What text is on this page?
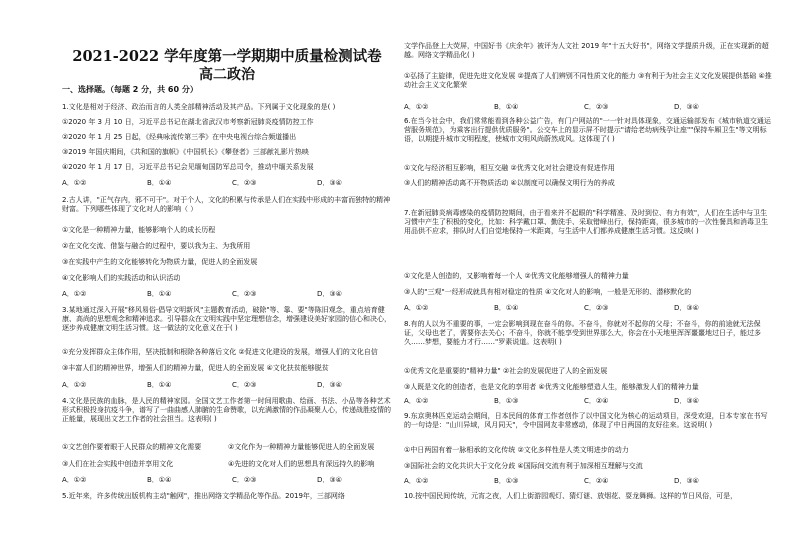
2021-2022 学年度第一学期期中质量检测试卷
高二政治
一、选择题。（每题 2 分，共 60 分）
1.文化是相对于经济、政治而言的人类全部精神活动及其产品。下列属于文化现象的是( )
①2020 年 3 月 10 日，习近平总书记在湖北省武汉市考察新冠肺炎疫情防控工作
②2020 年 1 月 25 日起，《经典咏流传第三季》在中央电视台综合频道播出
③2019 年国庆期间，《共和国的旗帜》《中国机长》《攀登者》三部献礼影片热映
④2020 年 1 月 17 日，习近平总书记会见缅甸国防军总司令，推动中缅关系发展
A．①②	B．①④	C．②③	D．③④
2.古人讲，"正气存内，邪不可干"。对于个人，文化的积累与传承是人们在实践中形成的丰富而独特的精神财富。下列哪些体现了文化对人的影响（ ）
①文化是一种精神力量，能够影响个人的成长历程
②在文化交流、借鉴与融合的过程中，要以我为主、为我所用
③在实践中产生的文化能够转化为物质力量，促进人的全面发展
④文化影响人们的实践活动和认识活动
A．①②	B．①④	C．②③	D．③④
3.某地通过深入开展"移风易俗·倡导文明新风"主题教育活动，破除"等、靠、要"等陈旧观念，重点培育健康、高尚的思想观念和精神追求。引导群众在文明实践中坚定理想信念，增强建设美好家园的信心和决心，逐步养成健康文明生活习惯。这一做法的文化意义在于( )
①充分发挥群众主体作用，坚决抵制和根除各种落后文化 ②促进文化建设的发展，增强人们的文化自信
③丰富人们的精神世界，增强人们的精神力量，促进人的全面发展 ④文化扶贫能够脱贫
A．①②	B．①④	C．②③	D．③④
4.文化是民族的血脉，是人民的精神家园。全国文艺工作者第一时间用歌曲、绘画、书法、小品等各种艺术形式积极投身抗疫斗争，谱写了一曲曲感人肺腑的生命赞歌，以充满激情的作品凝聚人心，传递战胜疫情的正能量，展现出文艺工作者的社会担当。这表明( )
①文艺创作要着眼于人民群众的精神文化需要	②文化作为一种精神力量能够促进人的全面发展
③人们在社会实践中创造并享用文化	④先进的文化对人们的思想具有深远持久的影响
A．①②	B．①④	C．②③	D．③④
5.近年来，许多传统出版机构主动"触网"，推出网络文学精品化等作品。2019年，三部网络
文学作品登上大荧屏，中国好书《庆余年》被评为人文社 2019 年"十五大好书"，网络文学提质升级，正在实现新的超越。网络文学精品化( )
①弘扬了主旋律，促进先进文化发展 ②提高了人们辨别不同性质文化的能力 ③有利于为社会主义文化发展提供基础 ④推动社会主义文化繁荣
A．①②	B．①④	C．②③	D．③④
6.在当今社会中，我们常常能看到各种公益广告，有门户网站的"一一针对具体现象，交通运输部发布《城市轨道交通运营服务规范》，为乘客出行提供优质服务"。公交车上的显示屏不时提示"请给老幼病残孕让座""保持车厢卫生"等文明标语，以期提升城市文明程度，使城市文明风尚蔚然成风。这体现了( )
①文化与经济相互影响，相互交融 ②优秀文化对社会建设有促进作用
③人们的精神活动离不开物质活动 ④以制度可以确保文明行为的养成
7.在新冠肺炎病毒感染的疫情防控期间，由于看来并不起眼的"科学精准、及时到位、有力有效"，人们在生活中与卫生习惯中产生了积极的变化，比如：科学戴口罩、勤洗手、采取错峰出行，保持距离，很多城市的一次性餐具和消毒卫生用品供不应求，排队时人们自觉地保持一米距离，与生活中人们都养成健康生活习惯。这反映( )
①文化是人创造的，又影响着每一个人 ②优秀文化能够增强人的精神力量
③人的"三观"一经形成就具有相对稳定的性质 ④文化对人的影响，一般是无形的、潜移默化的
A．①②	B．①④	C．②③	D．③④
8.有的人以为不重要的事，一定会影响到现在奋斗的你。不奋斗，你就对不起你的父母；不奋斗，你的前途就无法保证，父母也老了，需要你去关心；不奋斗，你就不能享受到世界那么大，你会在小天地里浑浑噩噩地过日子，能过多久……梦想，要能力才行……"罗素说道。这表明( )
①优秀文化是重要的"精神力量" ②社会的发展促进了人的全面发展
③人既是文化的创造者，也是文化的享用者 ④优秀文化能够塑造人生，能够激发人们的精神力量
A．①②	B．①③	C．②④	D．③④
9.东京奥林匹克运动会期间，日本民间的体育工作者创作了以中国文化为核心的运动项目，深受欢迎，日本专家在书写的一句诗是："山川异域，风月同天"，令中国网友非常感动，体现了中日两国的友好往来。这说明( )
①中日两国有着一脉相承的文化传统 ②文化多样性是人类文明进步的动力
③国际社会的文化共识大于文化分歧 ④国际间交流有利于加深相互理解与交流
A．①②	B．①③	C．②④	D．③④
10.按中国民间传统，元宵之夜，人们上街游园观灯、猜灯谜、放烟花、耍龙舞狮。这样的节日风俗，可是，
